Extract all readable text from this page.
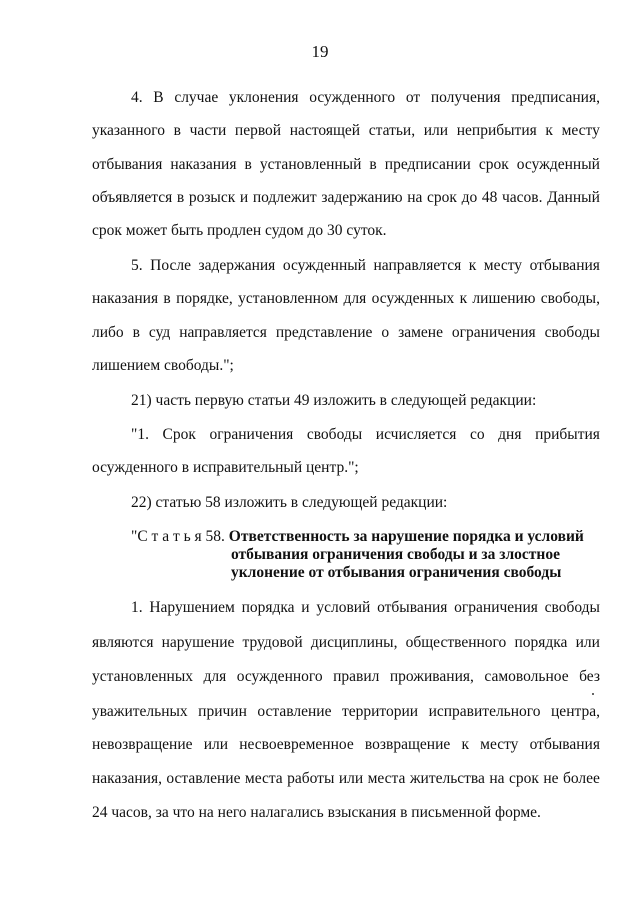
19
4. В случае уклонения осужденного от получения предписания,
указанного в части первой настоящей статьи, или неприбытия к месту
отбывания наказания в установленный в предписании срок осужденный
объявляется в розыск и подлежит задержанию на срок до 48 часов. Данный
срок может быть продлен судом до 30 суток.
5. После задержания осужденный направляется к месту отбывания
наказания в порядке, установленном для осужденных к лишению свободы,
либо в суд направляется представление о замене ограничения свободы
лишением свободы.";
21) часть первую статьи 49 изложить в следующей редакции:
"1. Срок ограничения свободы исчисляется со дня прибытия
осужденного в исправительный центр.";
22) статью 58 изложить в следующей редакции:
"С т а т ь я 58. Ответственность за нарушение порядка и условий
отбывания ограничения свободы и за злостное
уклонение от отбывания ограничения свободы
1. Нарушением порядка и условий отбывания ограничения свободы
являются нарушение трудовой дисциплины, общественного порядка или
установленных для осужденного правил проживания, самовольное без
уважительных причин оставление территории исправительного центра,
невозвращение или несвоевременное возвращение к месту отбывания
наказания, оставление места работы или места жительства на срок не более
24 часов, за что на него налагались взыскания в письменной форме.
